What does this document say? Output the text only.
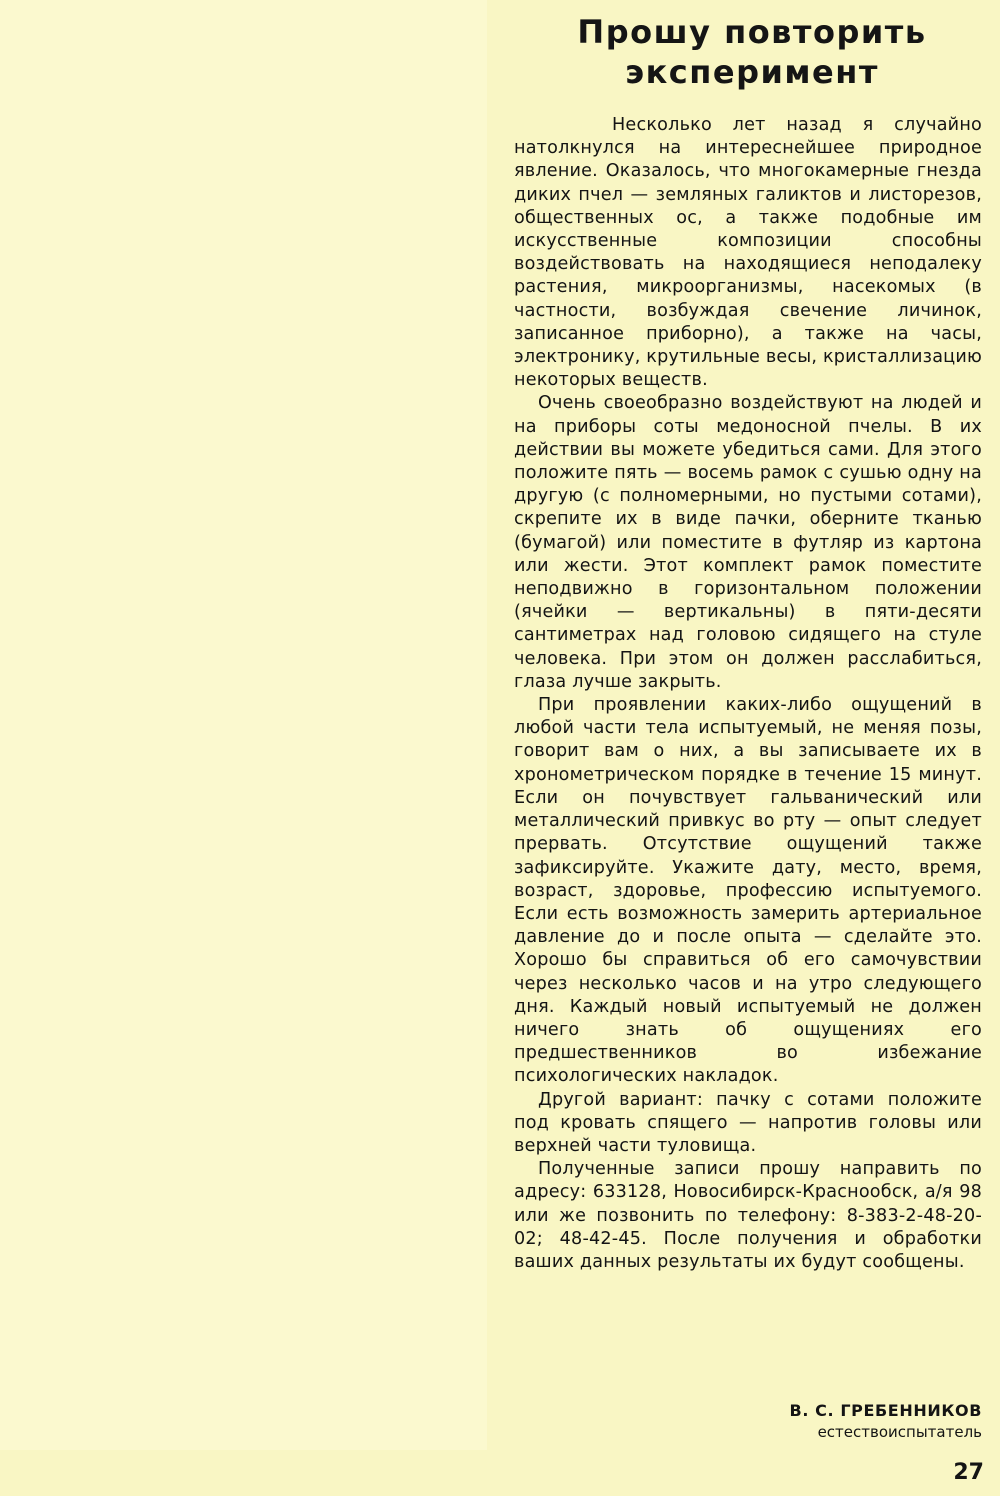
Прошу повторить
эксперимент

Несколько лет назад я случайно натолкнулся на интереснейшее природное явление. Оказалось, что многокамерные гнезда диких пчел — земляных галиктов и листорезов, общественных ос, а также подобные им искусственные композиции способны воздействовать на находящиеся неподалеку растения, микроорганизмы, насекомых (в частности, возбуждая свечение личинок, записанное приборно), а также на часы, электронику, крутильные весы, кристаллизацию некоторых веществ.

Очень своеобразно воздействуют на людей и на приборы соты медоносной пчелы. В их действии вы можете убедиться сами. Для этого положите пять — восемь рамок с сушью одну на другую (с полномерными, но пустыми сотами), скрепите их в виде пачки, оберните тканью (бумагой) или поместите в футляр из картона или жести. Этот комплект рамок поместите неподвижно в горизонтальном положении (ячейки — вертикальны) в пяти-десяти сантиметрах над головою сидящего на стуле человека. При этом он должен расслабиться, глаза лучше закрыть.

При проявлении каких-либо ощущений в любой части тела испытуемый, не меняя позы, говорит вам о них, а вы записываете их в хронометрическом порядке в течение 15 минут. Если он почувствует гальванический или металлический привкус во рту — опыт следует прервать. Отсутствие ощущений также зафиксируйте. Укажите дату, место, время, возраст, здоровье, профессию испытуемого. Если есть возможность замерить артериальное давление до и после опыта — сделайте это. Хорошо бы справиться об его самочувствии через несколько часов и на утро следующего дня. Каждый новый испытуемый не должен ничего знать об ощущениях его предшественников во избежание психологических накладок.

Другой вариант: пачку с сотами положите под кровать спящего — напротив головы или верхней части туловища.

Полученные записи прошу направить по адресу: 633128, Новосибирск-Краснообск, а/я 98 или же позвонить по телефону: 8-383-2-48-20-02; 48-42-45. После получения и обработки ваших данных результаты их будут сообщены.

В. С. ГРЕБЕННИКОВ
естествоиспытатель
27
